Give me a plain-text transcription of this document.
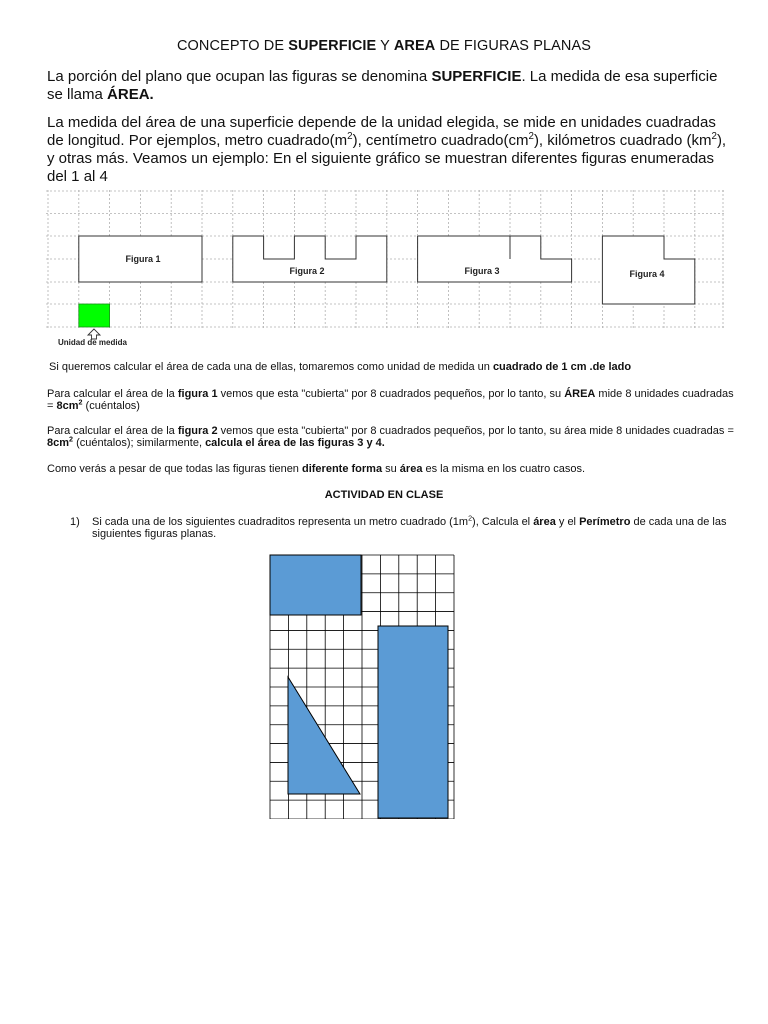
CONCEPTO DE SUPERFICIE Y AREA DE FIGURAS PLANAS
La porción del plano que ocupan las figuras se denomina SUPERFICIE. La medida de esa superficie se llama ÁREA.
La medida del área de una superficie depende de la unidad elegida, se mide en unidades cuadradas de longitud. Por ejemplos, metro $cuadrado(m^2)$, centímetro $cuadrado(cm^2)$, kilómetros cuadrado $(km^2)$, y otras más. Veamos un ejemplo: En el siguiente gráfico se muestran diferentes figuras enumeradas del 1 al 4
Figura 1
Figura 2	Figura 3	Figura 4
Unidad de medida
Si queremos calcular el área de cada una de ellas, tomaremos como unidad de medida un cuadrado de 1 cm .de lado
Para calcular el área de la figura 1 vemos que esta "cubierta" por 8 cuadrados pequeños, por lo tanto, su ÁREA mide 8 unidades cuadradas = $8cm^2$ (cuéntalos)
Para calcular el área de la figura 2 vemos que esta "cubierta" por 8 cuadrados pequeños, por lo tanto, su área mide 8 unidades cuadradas = $8cm^2$ (cuéntalos); similarmente, calcula el área de las figuras 3 y 4.
Como verás a pesar de que todas las figuras tienen diferente forma su área es la misma en los cuatro casos.
ACTIVIDAD EN CLASE
1) Si cada una de los siguientes cuadraditos representa un metro cuadrado $(1m^2)$, Calcula el área y el Perímetro de cada una de las siguientes figuras planas.
